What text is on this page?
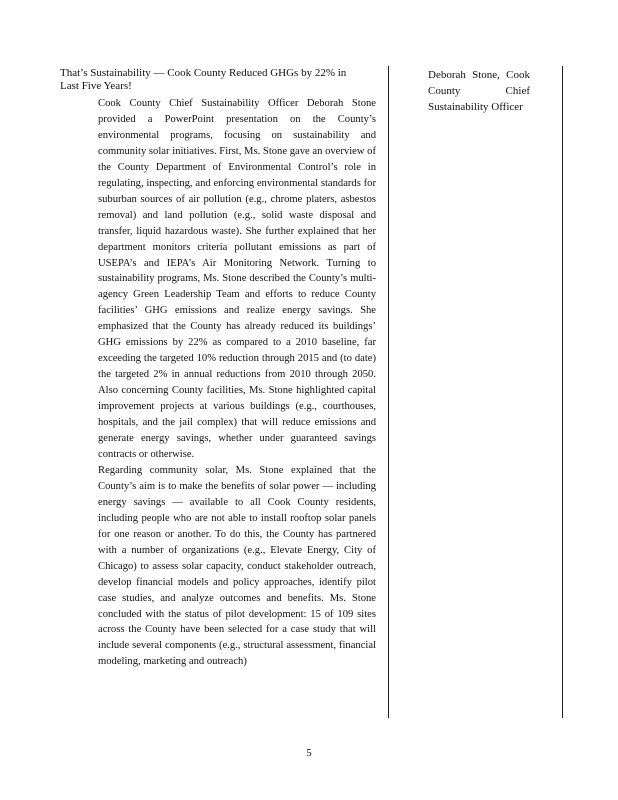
That’s Sustainability — Cook County Reduced GHGs by 22% in Last Five Years!

Cook County Chief Sustainability Officer Deborah Stone provided a PowerPoint presentation on the County’s environmental programs, focusing on sustainability and community solar initiatives. First, Ms. Stone gave an overview of the County Department of Environmental Control’s role in regulating, inspecting, and enforcing environmental standards for suburban sources of air pollution (e.g., chrome platers, asbestos removal) and land pollution (e.g., solid waste disposal and transfer, liquid hazardous waste). She further explained that her department monitors criteria pollutant emissions as part of USEPA’s and IEPA’s Air Monitoring Network. Turning to sustainability programs, Ms. Stone described the County’s multi-agency Green Leadership Team and efforts to reduce County facilities’ GHG emissions and realize energy savings. She emphasized that the County has already reduced its buildings’ GHG emissions by 22% as compared to a 2010 baseline, far exceeding the targeted 10% reduction through 2015 and (to date) the targeted 2% in annual reductions from 2010 through 2050. Also concerning County facilities, Ms. Stone highlighted capital improvement projects at various buildings (e.g., courthouses, hospitals, and the jail complex) that will reduce emissions and generate energy savings, whether under guaranteed savings contracts or otherwise.

Regarding community solar, Ms. Stone explained that the County’s aim is to make the benefits of solar power — including energy savings — available to all Cook County residents, including people who are not able to install rooftop solar panels for one reason or another. To do this, the County has partnered with a number of organizations (e.g., Elevate Energy, City of Chicago) to assess solar capacity, conduct stakeholder outreach, develop financial models and policy approaches, identify pilot case studies, and analyze outcomes and benefits. Ms. Stone concluded with the status of pilot development: 15 of 109 sites across the County have been selected for a case study that will include several components (e.g., structural assessment, financial modeling, marketing and outreach)

Deborah Stone, Cook County Chief Sustainability Officer
5
